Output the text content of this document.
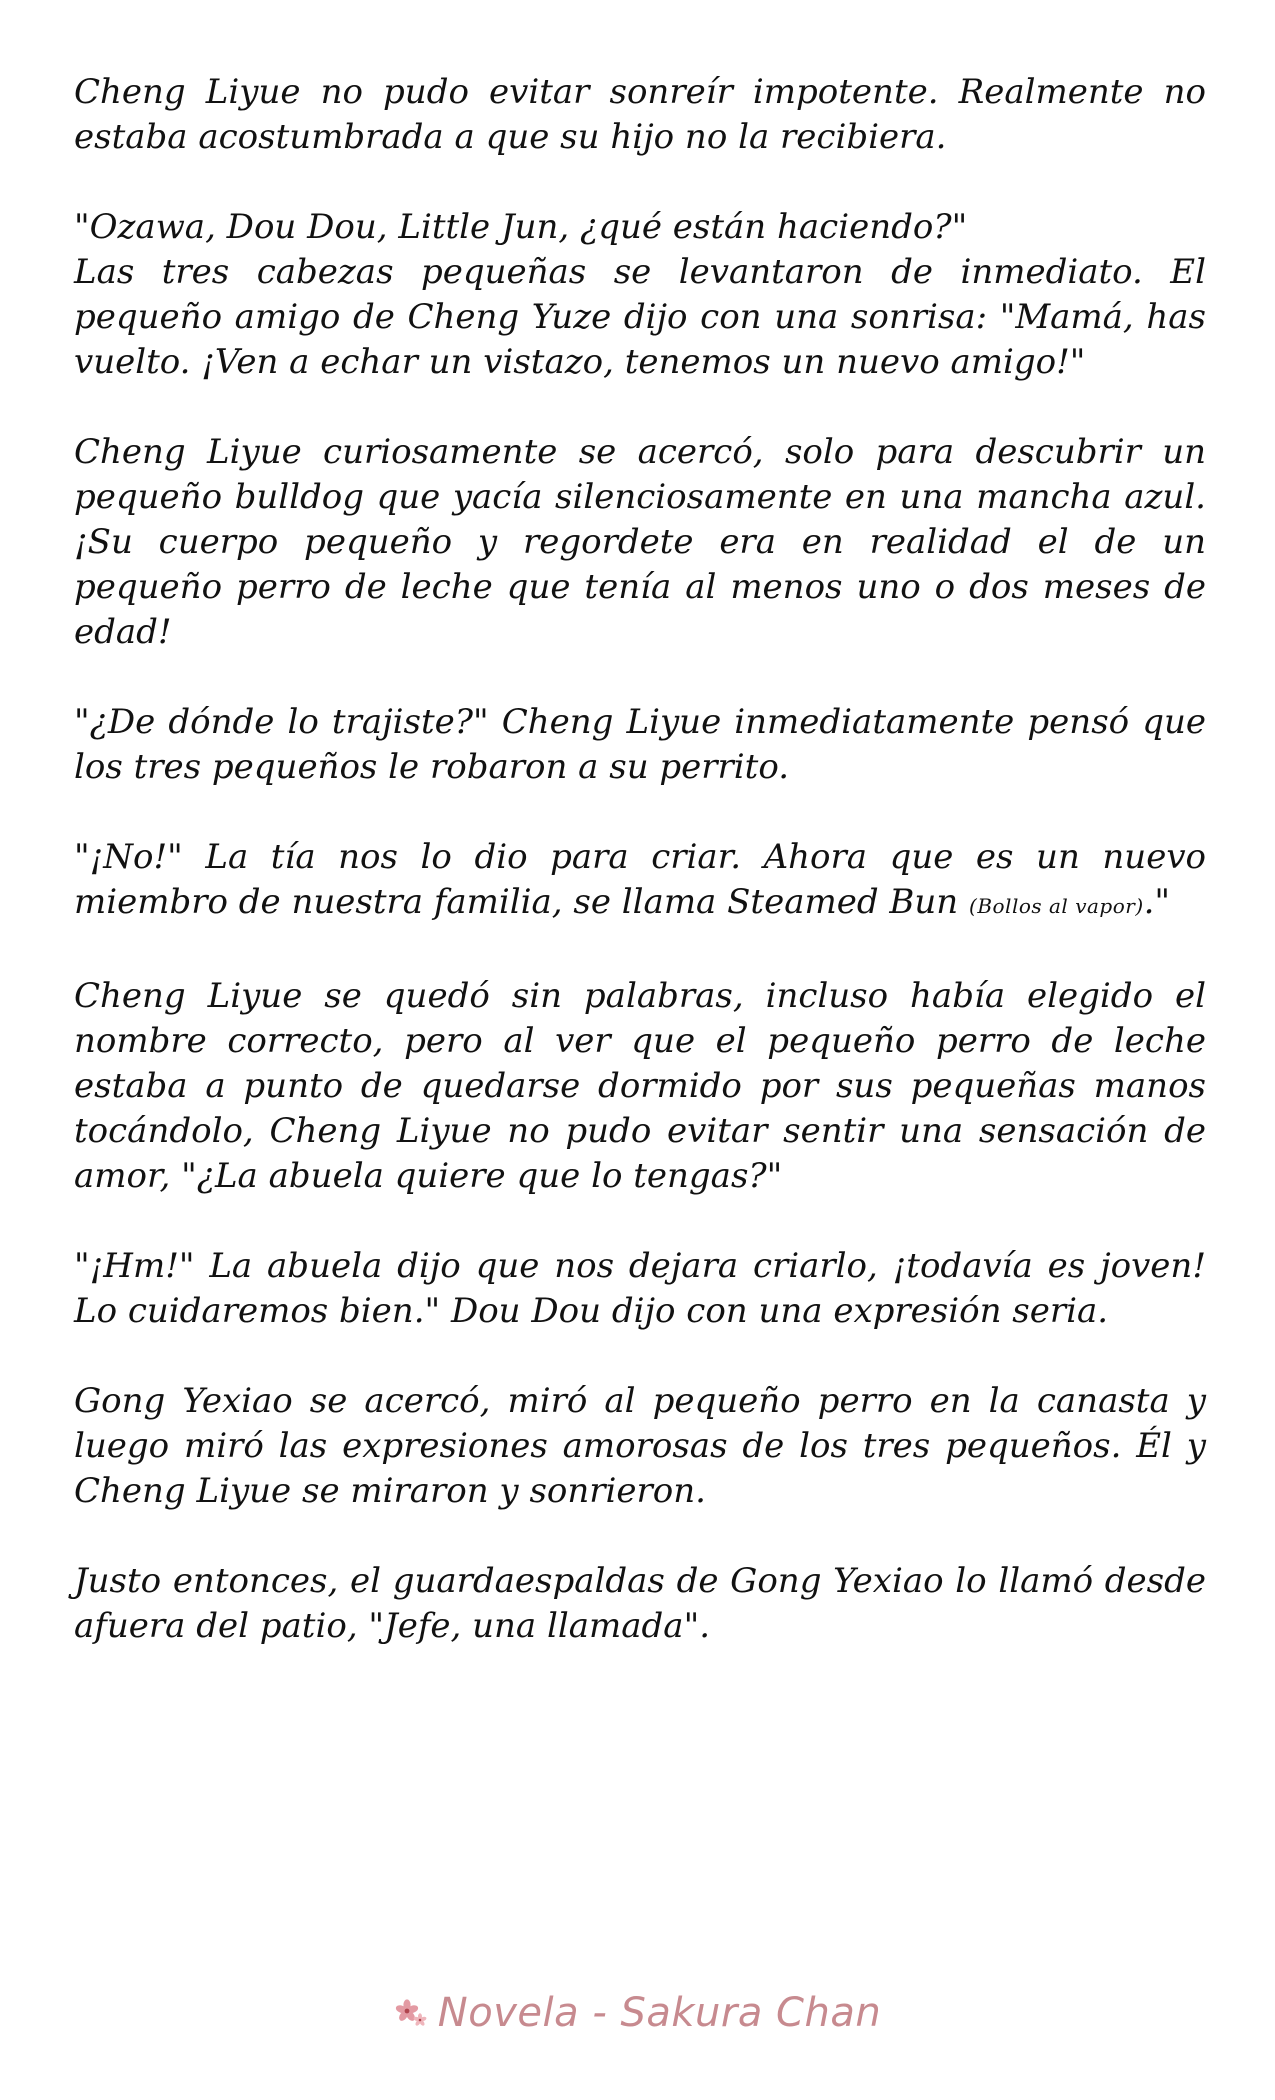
Cheng Liyue no pudo evitar sonreír impotente. Realmente no estaba acostumbrada a que su hijo no la recibiera.

"Ozawa, Dou Dou, Little Jun, ¿qué están haciendo?"
Las tres cabezas pequeñas se levantaron de inmediato. El pequeño amigo de Cheng Yuze dijo con una sonrisa: "Mamá, has vuelto. ¡Ven a echar un vistazo, tenemos un nuevo amigo!"

Cheng Liyue curiosamente se acercó, solo para descubrir un pequeño bulldog que yacía silenciosamente en una mancha azul. ¡Su cuerpo pequeño y regordete era en realidad el de un pequeño perro de leche que tenía al menos uno o dos meses de edad!

"¿De dónde lo trajiste?" Cheng Liyue inmediatamente pensó que los tres pequeños le robaron a su perrito.

"¡No!" La tía nos lo dio para criar. Ahora que es un nuevo miembro de nuestra familia, se llama Steamed Bun (Bollos al vapor)."

Cheng Liyue se quedó sin palabras, incluso había elegido el nombre correcto, pero al ver que el pequeño perro de leche estaba a punto de quedarse dormido por sus pequeñas manos tocándolo, Cheng Liyue no pudo evitar sentir una sensación de amor, "¿La abuela quiere que lo tengas?"

"¡Hm!" La abuela dijo que nos dejara criarlo, ¡todavía es joven! Lo cuidaremos bien." Dou Dou dijo con una expresión seria.

Gong Yexiao se acercó, miró al pequeño perro en la canasta y luego miró las expresiones amorosas de los tres pequeños. Él y Cheng Liyue se miraron y sonrieron.

Justo entonces, el guardaespaldas de Gong Yexiao lo llamó desde afuera del patio, "Jefe, una llamada".

Novela - Sakura Chan
